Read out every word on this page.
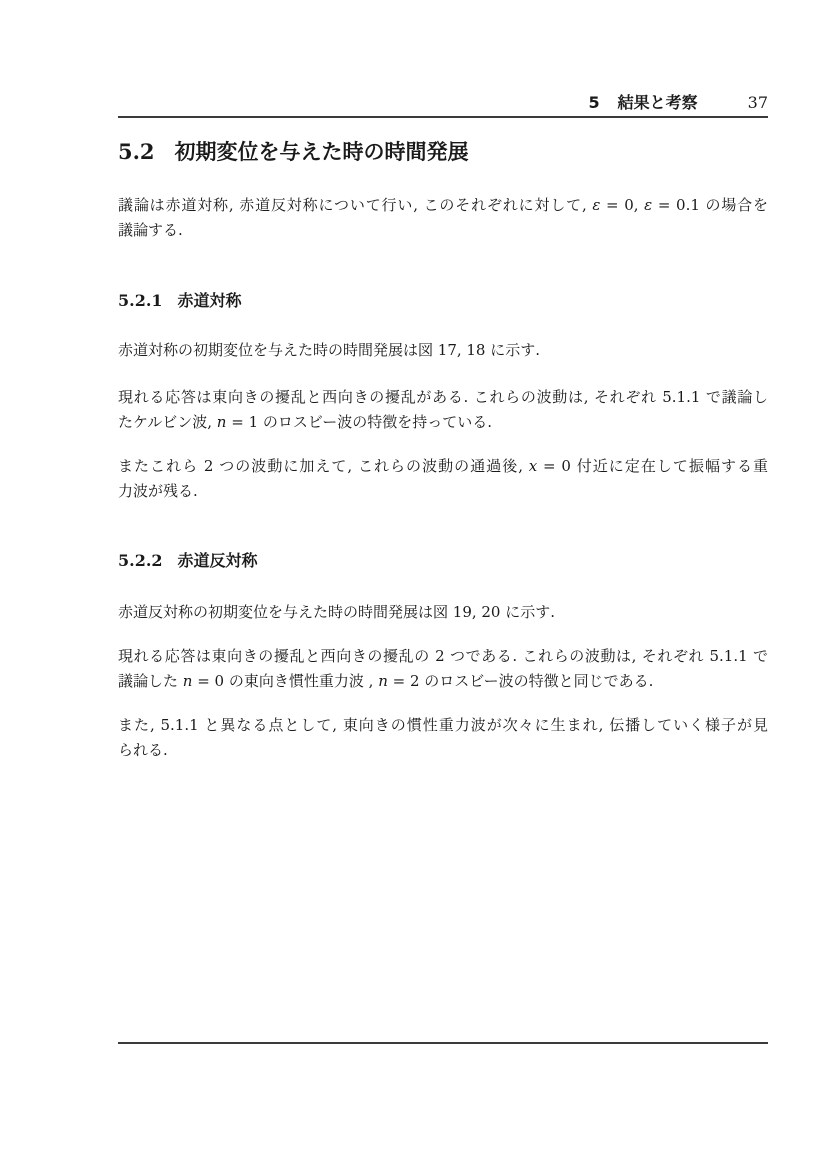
5 結果と考察	37
5.2 初期変位を与えた時の時間発展
議論は赤道対称, 赤道反対称について行い, このそれぞれに対して, ε = 0, ε = 0.1 の場合を
議論する.
5.2.1 赤道対称
赤道対称の初期変位を与えた時の時間発展は図 17, 18 に示す.
現れる応答は東向きの擾乱と西向きの擾乱がある. これらの波動は, それぞれ 5.1.1 で議論し
たケルビン波, n = 1 のロスビー波の特徴を持っている.
またこれら 2 つの波動に加えて, これらの波動の通過後, x = 0 付近に定在して振幅する重
力波が残る.
5.2.2 赤道反対称
赤道反対称の初期変位を与えた時の時間発展は図 19, 20 に示す.
現れる応答は東向きの擾乱と西向きの擾乱の 2 つである. これらの波動は, それぞれ 5.1.1 で
議論した n = 0 の東向き慣性重力波 , n = 2 のロスビー波の特徴と同じである.
また, 5.1.1 と異なる点として, 東向きの慣性重力波が次々に生まれ, 伝播していく様子が見
られる.
